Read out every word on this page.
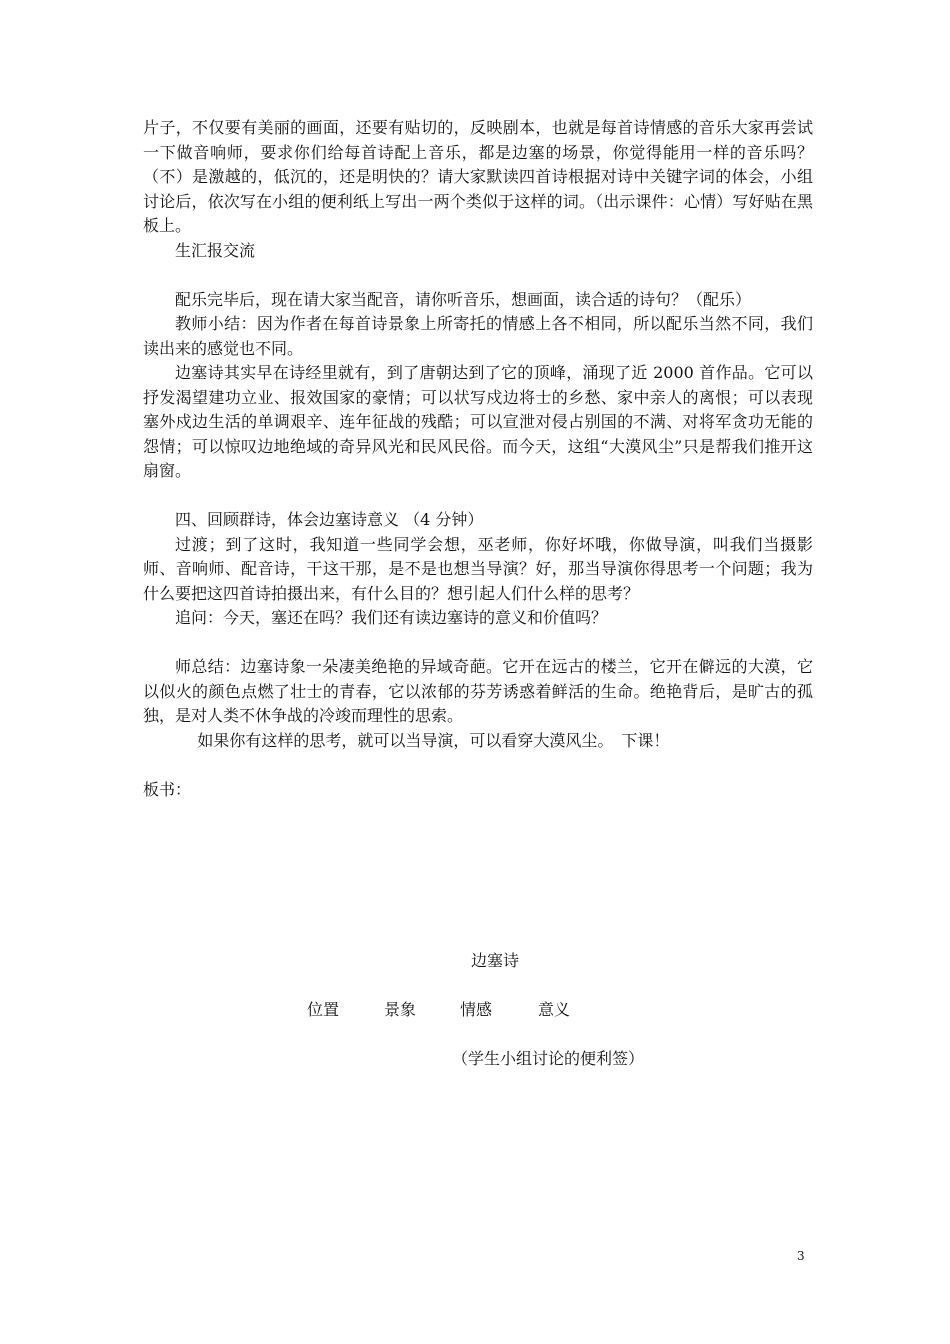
片子，不仅要有美丽的画面，还要有贴切的，反映剧本，也就是每首诗情感的音乐大家再尝试一下做音响师，要求你们给每首诗配上音乐，都是边塞的场景，你觉得能用一样的音乐吗？（不）是激越的，低沉的，还是明快的？请大家默读四首诗根据对诗中关键字词的体会，小组讨论后，依次写在小组的便利纸上写出一两个类似于这样的词。（出示课件：心情）写好贴在黑板上。

生汇报交流

配乐完毕后，现在请大家当配音，请你听音乐，想画面，读合适的诗句？（配乐）

教师小结：因为作者在每首诗景象上所寄托的情感上各不相同，所以配乐当然不同，我们读出来的感觉也不同。

边塞诗其实早在诗经里就有，到了唐朝达到了它的顶峰，涌现了近 2000 首作品。它可以抒发渴望建功立业、报效国家的豪情；可以状写戍边将士的乡愁、家中亲人的离恨；可以表现塞外戍边生活的单调艰辛、连年征战的残酷；可以宣泄对侵占别国的不满、对将军贪功无能的怨情；可以惊叹边地绝域的奇异风光和民风民俗。而今天，这组“大漠风尘”只是帮我们推开这扇窗。

四、回顾群诗，体会边塞诗意义 （4 分钟）

过渡；到了这时，我知道一些同学会想，巫老师，你好坏哦，你做导演，叫我们当摄影师、音响师、配音诗，干这干那，是不是也想当导演？好，那当导演你得思考一个问题；我为什么要把这四首诗拍摄出来，有什么目的？想引起人们什么样的思考？

追问：今天，塞还在吗？我们还有读边塞诗的意义和价值吗？

师总结：边塞诗象一朵凄美绝艳的异域奇葩。它开在远古的楼兰，它开在僻远的大漠，它以似火的颜色点燃了壮士的青春，它以浓郁的芬芳诱惑着鲜活的生命。绝艳背后，是旷古的孤独，是对人类不休争战的冷竣而理性的思索。

如果你有这样的思考，就可以当导演，可以看穿大漠风尘。　下课！

板书：

边塞诗
位置	景象	情感	意义
（学生小组讨论的便利签）
3
